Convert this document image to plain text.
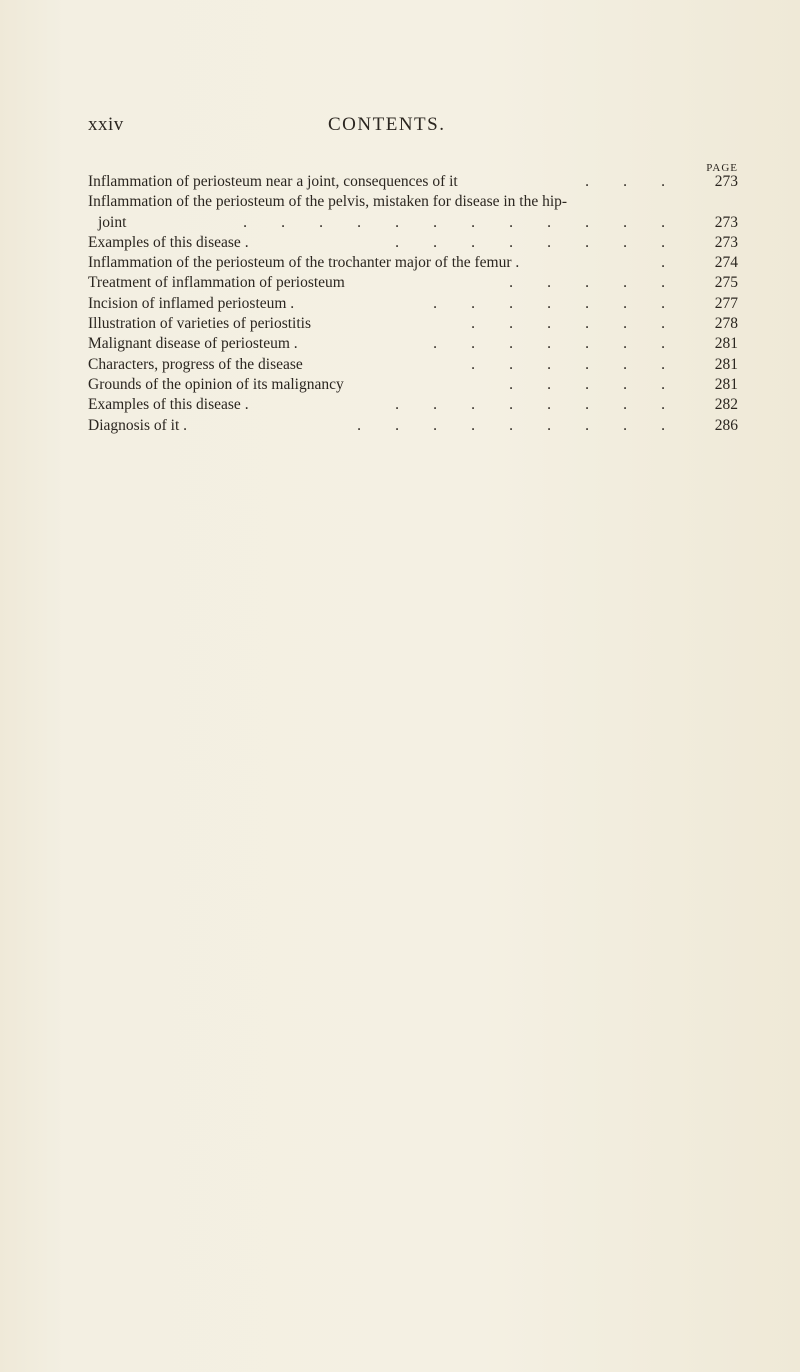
xxiv	CONTENTS.
PAGE
Inflammation of periosteum near a joint, consequences of it	. . .	273
Inflammation of the periosteum of the pelvis, mistaken for disease in the hip-
joint	. . . . . . . . . . . .	273
Examples of this disease .	. . . . . . . .	273
Inflammation of the periosteum of the trochanter major of the femur .	.	274
Treatment of inflammation of periosteum	. . . . .	275
Incision of inflamed periosteum .	. . . . . . .	277
Illustration of varieties of periostitis	. . . . . .	278
Malignant disease of periosteum .	. . . . . . .	281
Characters, progress of the disease	. . . . . .	281
Grounds of the opinion of its malignancy	. . . . .	281
Examples of this disease .	. . . . . . . .	282
Diagnosis of it .	. . . . . . . . .	286
